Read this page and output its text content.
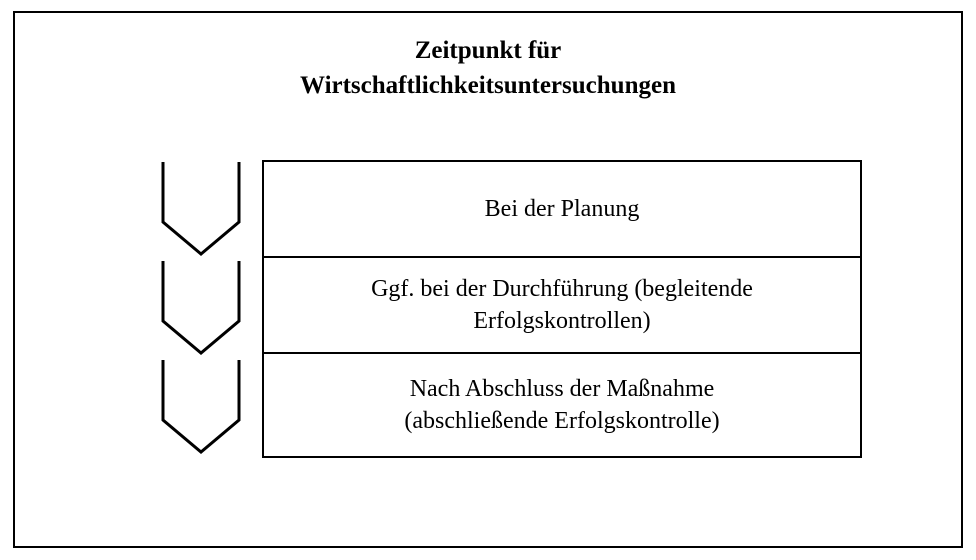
Zeitpunkt für
Wirtschaftlichkeitsuntersuchungen
Bei der Planung
Ggf. bei der Durchführung (begleitende
Erfolgskontrollen)
Nach Abschluss der Maßnahme
(abschließende Erfolgskontrolle)
